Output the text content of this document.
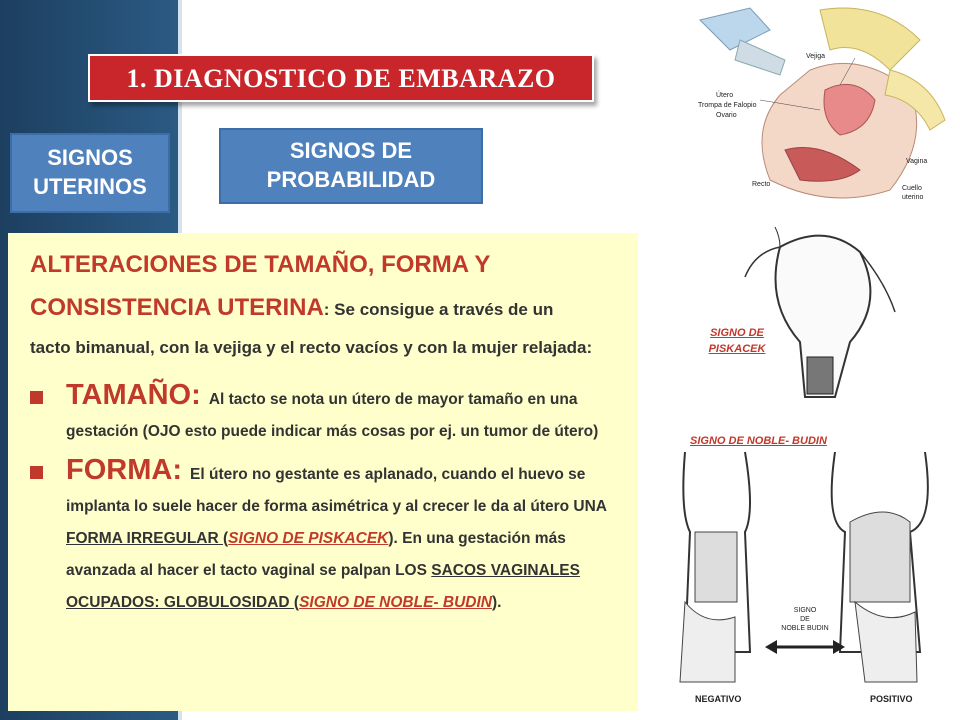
1. DIAGNOSTICO DE EMBARAZO
SIGNOS
UTERINOS
SIGNOS DE
PROBABILIDAD
ALTERACIONES DE TAMAÑO, FORMA Y
CONSISTENCIA UTERINA: Se consigue a través de un
tacto bimanual, con la vejiga y el recto vacíos y con la mujer relajada:
TAMAÑO: Al tacto se nota un útero de mayor tamaño en una gestación (OJO esto puede indicar más cosas por ej. un tumor de útero)
FORMA: El útero no gestante es aplanado, cuando el huevo se implanta lo suele hacer de forma asimétrica y al crecer le da al útero UNA FORMA IRREGULAR (SIGNO DE PISKACEK). En una gestación más avanzada al hacer el tacto vaginal se palpan LOS SACOS VAGINALES OCUPADOS: GLOBULOSIDAD (SIGNO DE NOBLE- BUDIN).
Vejiga
Útero
Trompa de Falopio
Ovario
Vagina
Recto
Cuello
uterino
SIGNO DE
PISKACEK
SIGNO DE NOBLE- BUDIN
SIGNO
DE
NOBLE BUDIN
NEGATIVO	POSITIVO
